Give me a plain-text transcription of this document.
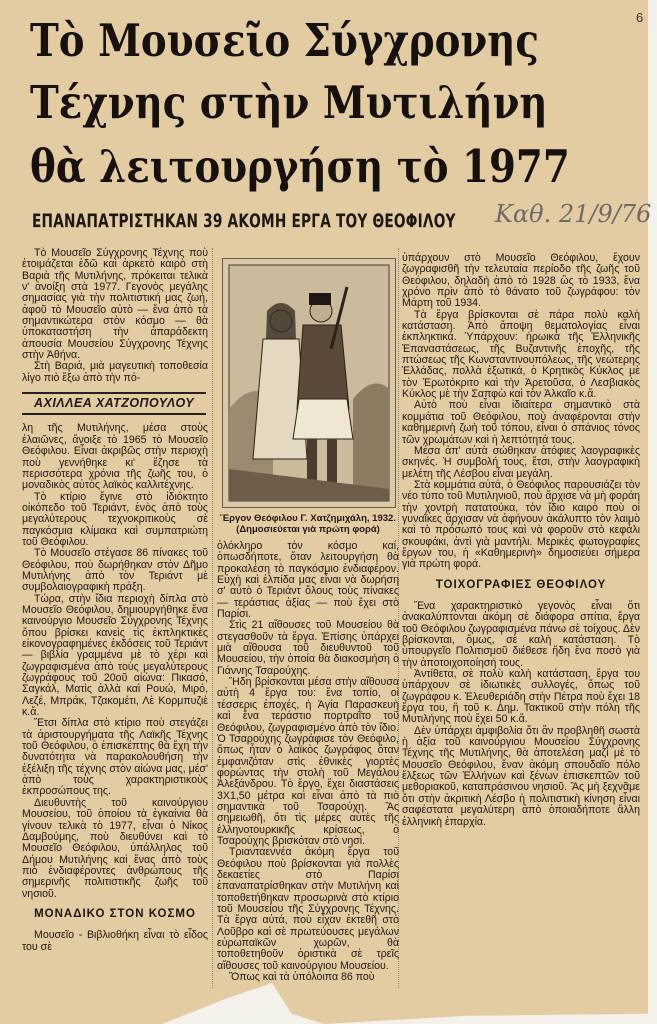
6
Τὸ Μουσεῖο Σύγχρονης
Τέχνης στὴν Μυτιλήνη
θὰ λειτουργήση τὸ 1977
ΕΠΑΝΑΠΑΤΡΙΣΤΗΚΑΝ 39 ΑΚΟΜΗ ΕΡΓΑ ΤΟΥ ΘΕΟΦΙΛΟΥ Καθ. 21/9/76

Τὸ Μουσεῖο Σύγχρονης Τέχνης ποὺ ἑτοιμάζεται ἐδῶ καὶ ἀρκετὸ καιρὸ στὴ Βαριὰ τῆς Μυτιλήνης, πρόκειται τελικὰ ν' ἀνοίξη στὰ 1977. Γεγονὸς μεγάλης σημασίας γιὰ τὴν πολιτιστική μας ζωή, ἀφοῦ τὸ Μουσεῖο αὐτὸ — ἕνα ἀπὸ τὰ σημαντικώτερα στὸν κόσμο — θὰ ὑποκαταστήση τὴν ἀπαράδεκτη ἀπουσία Μουσείου Σύγχρονης Τέχνης στὴν Ἀθήνα.

Στὴ Βαριά, μιὰ μαγευτικὴ τοποθεσία λίγο πιὸ ἔξω ἀπὸ τὴν πό-

ΑΧΙΛΛΕΑ ΧΑΤΖΟΠΟΥΛΟΥ

λη τῆς Μυτιλήνης, μέσα στοὺς ἐλαιῶνες, ἄνοιξε τὸ 1965 τὸ Μουσεῖο Θεόφιλου. Εἶναι ἀκριβῶς στὴν περιοχὴ ποὺ γεννήθηκε κι' ἔζησε τὰ περισσότερα χρόνια τῆς ζωῆς του, ὁ μοναδικὸς αὐτὸς λαϊκὸς καλλιτέχνης.

Τὸ κτίριο ἔγινε στὸ ἰδιόκτητο οἰκόπεδο τοῦ Τεριάντ, ἑνὸς ἀπὸ τοὺς μεγαλύτερους τεχνοκριτικοὺς σὲ παγκόσμια κλίμακα καὶ συμπατριώτη τοῦ Θεόφιλου.

Τὸ Μουσεῖο στέγασε 86 πίνακες τοῦ Θεόφιλου, ποὺ δωρήθηκαν στὸν Δῆμο Μυτιλήνης ἀπὸ τὸν Τεριάντ μὲ συμβολαιογραφικὴ πράξη.

Τώρα, στὴν ἴδια περιοχὴ δίπλα στὸ Μουσεῖο Θεόφιλου, δημιουργήθηκε ἕνα καινούργιο Μουσεῖο Σύγχρονης Τέχνης ὅπου βρίσκει κανεὶς τὶς ἐκπληκτικὲς εἰκονογραφημένες ἐκδόσεις τοῦ Τεριάντ — βιβλία γραμμένα μὲ τὸ χέρι καὶ ζωγραφισμένα ἀπὸ τοὺς μεγαλύτερους ζωγράφους τοῦ 20οῦ αἰώνα: Πικασό, Σαγκάλ, Ματὶς ἀλλὰ καὶ Ρουώ, Μιρό, Λεζέ, Μπράκ, Τζακομέτι, Λὲ Κορμπυζιὲ κ.ἄ.

Ἔτσι δίπλα στὸ κτίριο ποὺ στεγάζει τὰ ἀριστουργήματα τῆς Λαϊκῆς Τέχνης τοῦ Θεόφιλου, ὁ ἐπισκέπτης θὰ ἔχη τὴν δυνατότητα νὰ παρακολουθήση τὴν ἐξέλιξη τῆς τέχνης στὸν αἰώνα μας, μέσ' ἀπὸ τοὺς χαρακτηριστικοὺς ἐκπροσώπους της.

Διευθυντὴς τοῦ καινούργιου Μουσείου, τοῦ ὁποίου τὰ ἐγκαίνια θὰ γίνουν τελικὰ τὸ 1977, εἶναι ὁ Νίκος Δαμβούμης, ποὺ διευθύνει καὶ τὸ Μουσεῖο Θεόφιλου, ὑπάλληλος τοῦ Δήμου Μυτιλήνης καὶ ἕνας ἀπὸ τοὺς πιὸ ἐνδιαφέροντες ἀνθρώπους τῆς σημερινῆς πολιτιστικῆς ζωῆς τοῦ νησιοῦ.

ΜΟΝΑΔΙΚΟ ΣΤΟΝ ΚΟΣΜΟ

Μουσεῖο - Βιβλιοθήκη εἶναι τὸ εἶδος του σὲ

Ἔργον Θεόφιλου Γ. Χατζημιχάλη, 1932.
(Δημοσιεύεται γιὰ πρώτη φορά)

ὁλόκληρο τὸν κόσμο καί, ὁπωσδήποτε, ὅταν λειτουργήση θὰ προκαλέση τὸ παγκόσμιο ἐνδιαφέρον. Εὐχὴ καὶ ἐλπίδα μας εἶναι νὰ δωρήση σ' αὐτὸ ὁ Τεριάντ ὅλους τοὺς πίνακες — τεράστιας ἀξίας — ποὺ ἔχει στὸ Παρίσι.

Στὶς 21 αἴθουσες τοῦ Μουσείου θὰ στεγασθοῦν τὰ ἔργα. Ἐπίσης ὑπάρχει μιὰ αἴθουσα τοῦ διευθυντοῦ τοῦ Μουσείου, τὴν ὁποία θὰ διακοσμήση ὁ Γιάννης Τσαρούχης.

Ἤδη βρίσκονται μέσα στὴν αἴθουσα αὐτὴ 4 ἔργα του: ἕνα τοπίο, οἱ τέσσερις ἐποχές, ἡ Ἁγία Παρασκευὴ καὶ ἕνα τεράστιο πορτραῖτο τοῦ Θεόφιλου, ζωγραφισμένο ἀπὸ τὸν ἴδιο. Ὁ Τσαρούχης ζωγράφισε τὸν Θεόφιλο, ὅπως ἦταν ὁ λαϊκὸς ζωγράφος ὅταν ἐμφανιζόταν στὶς ἐθνικὲς γιορτὲς φορώντας τὴν στολὴ τοῦ Μεγάλου Ἀλεξάνδρου. Τὸ ἔργο, ἔχει διαστάσεις 3Χ1,50 μέτρα καὶ εἶναι ἀπὸ τὰ πιὸ σημαντικὰ τοῦ Τσαρούχη. Ἂς σημειωθῆ, ὅτι τὶς μέρες αὐτὲς τῆς ἑλληνοτουρκικῆς κρίσεως, ὁ Τσαρούχης βρισκόταν στὸ νησί.

Τριανταεννέα ἀκόμη ἔργα τοῦ Θεόφιλου ποὺ βρίσκονται γιὰ πολλὲς δεκαετίες στὸ Παρίσι ἐπαναπατρίσθηκαν στὴν Μυτιλήνη καὶ τοποθετήθηκαν προσωρινὰ στὸ κτίριο τοῦ Μουσείου τῆς Σύγχρονης Τέχνης. Τὰ ἔργα αὐτά, ποὺ εἶχαν ἐκτεθῆ στὸ Λοῦβρο καὶ σὲ πρωτεύουσες μεγάλων εὐρωπαϊκῶν χωρῶν, θὰ τοποθετηθοῦν ὁριστικὰ σὲ τρεῖς αἴθουσες τοῦ καινούργιου Μουσείου.

Ὅπως καὶ τὰ ὑπόλοιπα 86 ποὺ

ὑπάρχουν στὸ Μουσεῖο Θεόφιλου, ἔχουν ζωγραφισθῆ τὴν τελευταία περίοδο τῆς ζωῆς τοῦ Θεόφιλου, δηλαδὴ ἀπὸ τὸ 1928 ὣς τὸ 1933, ἕνα χρόνο πρὶν ἀπὸ τὸ θάνατο τοῦ ζωγράφου: τὸν Μάρτη τοῦ 1934.

Τὰ ἔργα βρίσκονται σὲ πάρα πολὺ καλὴ κατάσταση. Ἀπὸ ἄποψη θεματολογίας εἶναι ἐκπληκτικά. Ὑπάρχουν: ἡρωικὰ τῆς Ἑλληνικῆς Ἐπαναστάσεως, τῆς Βυζαντινῆς ἐποχῆς, τῆς πτώσεως τῆς Κωνσταντινουπόλεως, τῆς νεώτερης Ἑλλάδας, πολλὰ ἐξωτικά, ὁ Κρητικὸς Κύκλος μὲ τὸν Ἐρωτόκριτο καὶ τὴν Ἀρετοῦσα, ὁ Λεσβιακὸς Κύκλος μὲ τὴν Σαπφὼ καὶ τὸν Ἀλκαῖο κ.ἄ.

Αὐτὸ ποὺ εἶναι ἰδιαίτερα σημαντικὸ στὰ κομμάτια τοῦ Θεόφιλου, ποὺ ἀναφέρονται στὴν καθημερινὴ ζωὴ τοῦ τόπου, εἶναι ὁ σπάνιος τόνος τῶν χρωμάτων καὶ ἡ λεπτότητά τους.

Μέσα ἀπ' αὐτὰ σώθηκαν ἀτόφιες λαογραφικὲς σκηνές. Ἡ συμβολή τους, ἔτσι, στὴν λαογραφικὴ μελέτη τῆς Λέσβου εἶναι μεγάλη.

Στὰ κομμάτια αὐτά, ὁ Θεόφιλος παρουσιάζει τὸν νέο τύπο τοῦ Μυτιληνιοῦ, ποὺ ἄρχισε νὰ μὴ φοράη τὴν χοντρὴ πατατούκα, τὸν ἴδιο καιρὸ ποὺ οἱ γυναῖκες ἄρχισαν νὰ ἀφήνουν ἀκάλυπτο τὸν λαιμὸ καὶ τὸ πρόσωπό τους καὶ νὰ φοροῦν στὸ κεφάλι σκουφάκι, ἀντὶ γιὰ μαντήλι. Μερικὲς φωτογραφίες ἔργων του, ἡ «Καθημερινὴ» δημοσιεύει σήμερα γιὰ πρώτη φορά.

ΤΟΙΧΟΓΡΑΦΙΕΣ ΘΕΟΦΙΛΟΥ

Ἕνα χαρακτηριστικὸ γεγονὸς εἶναι ὅτι ἀνακαλύπτονται ἀκόμη σὲ διάφορα σπίτια, ἔργα τοῦ Θεόφιλου ζωγραφισμένα πάνω σὲ τοίχους. Δὲν βρίσκονται, ὅμως, σὲ καλὴ κατάσταση. Τὸ ὑπουργεῖο Πολιτισμοῦ διέθεσε ἤδη ἕνα ποσὸ γιὰ τὴν ἀποτοιχοποίησή τους.

Ἀντίθετα, σὲ πολὺ καλὴ κατάσταση, ἔργα του ὑπάρχουν σὲ ἰδιωτικὲς συλλογές, ὅπως τοῦ ζωγράφου κ. Ἐλευθεριάδη στὴν Πέτρα ποὺ ἔχει 18 ἔργα του, ἢ τοῦ κ. Δημ. Τακτικοῦ στὴν πόλη τῆς Μυτιλήνης ποὺ ἔχει 50 κ.ἄ.

Δὲν ὑπάρχει ἀμφιβολία ὅτι ἂν προβληθῆ σωστὰ ἡ ἀξία τοῦ καινούργιου Μουσείου Σύγχρονης Τέχνης τῆς Μυτιλήνης, θὰ ἀποτελέση μαζὶ μὲ τὸ Μουσεῖο Θεόφιλου, ἕναν ἀκόμη σπουδαῖο πόλο ἕλξεως τῶν Ἑλλήνων καὶ ξένων ἐπισκεπτῶν τοῦ μεθοριακοῦ, καταπράσινου νησιοῦ. Ἂς μὴ ξεχνᾶμε ὅτι στὴν ἀκριτικὴ Λέσβο ἡ πολιτιστικὴ κίνηση εἶναι σαφέστατα μεγαλύτερη ἀπὸ ὁποιαδήποτε ἄλλη ἑλληνικὴ ἐπαρχία.
